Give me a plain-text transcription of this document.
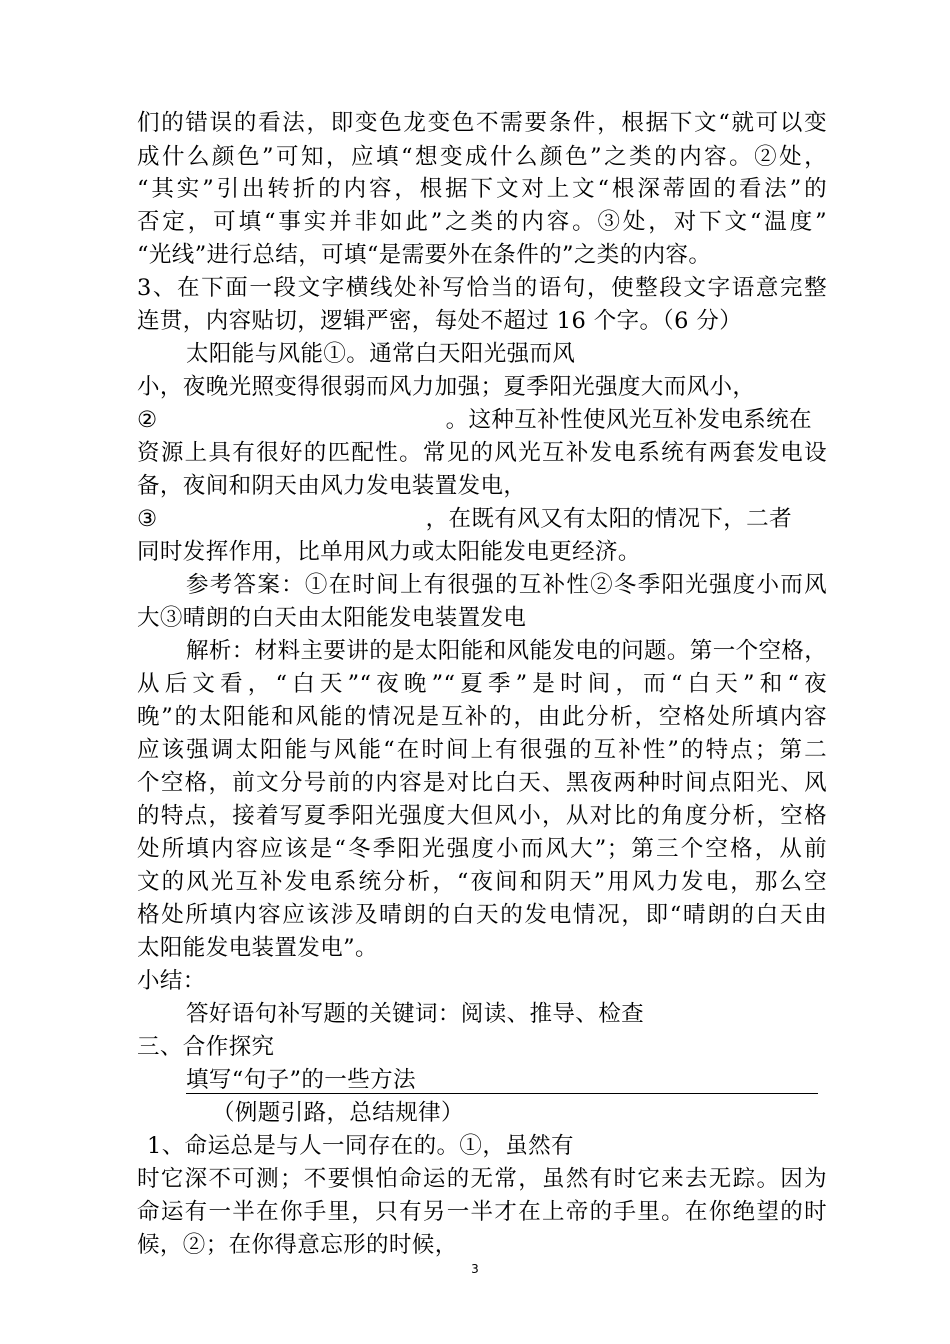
们的错误的看法，即变色龙变色不需要条件，根据下文“就可以变
成什么颜色”可知，应填“想变成什么颜色”之类的内容。②处，
“其实”引出转折的内容，根据下文对上文“根深蒂固的看法”的
否定，可填“事实并非如此”之类的内容。③处，对下文“温度”
“光线”进行总结，可填“是需要外在条件的”之类的内容。
3、在下面一段文字横线处补写恰当的语句，使整段文字语意完整
连贯，内容贴切，逻辑严密，每处不超过 16 个字。（6 分）
太阳能与风能①。通常白天阳光强而风
小，夜晚光照变得很弱而风力加强；夏季阳光强度大而风小，
②	。这种互补性使风光互补发电系统在
资源上具有很好的匹配性。常见的风光互补发电系统有两套发电设
备，夜间和阴天由风力发电装置发电，
③	，在既有风又有太阳的情况下，二者
同时发挥作用，比单用风力或太阳能发电更经济。
参考答案：①在时间上有很强的互补性②冬季阳光强度小而风
大③晴朗的白天由太阳能发电装置发电
解析：材料主要讲的是太阳能和风能发电的问题。第一个空格，
从后文看，“白天”“夜晚”“夏季”是时间，而“白天”和“夜
晚”的太阳能和风能的情况是互补的，由此分析，空格处所填内容
应该强调太阳能与风能“在时间上有很强的互补性”的特点；第二
个空格，前文分号前的内容是对比白天、黑夜两种时间点阳光、风
的特点，接着写夏季阳光强度大但风小，从对比的角度分析，空格
处所填内容应该是“冬季阳光强度小而风大”；第三个空格，从前
文的风光互补发电系统分析，“夜间和阴天”用风力发电，那么空
格处所填内容应该涉及晴朗的白天的发电情况，即“晴朗的白天由
太阳能发电装置发电”。
小结：
答好语句补写题的关键词：阅读、推导、检查
三、合作探究
填写“句子”的一些方法
（例题引路，总结规律）
1、命运总是与人一同存在的。①，虽然有
时它深不可测；不要惧怕命运的无常，虽然有时它来去无踪。因为
命运有一半在你手里，只有另一半才在上帝的手里。在你绝望的时
候，②；在你得意忘形的时候，
3
